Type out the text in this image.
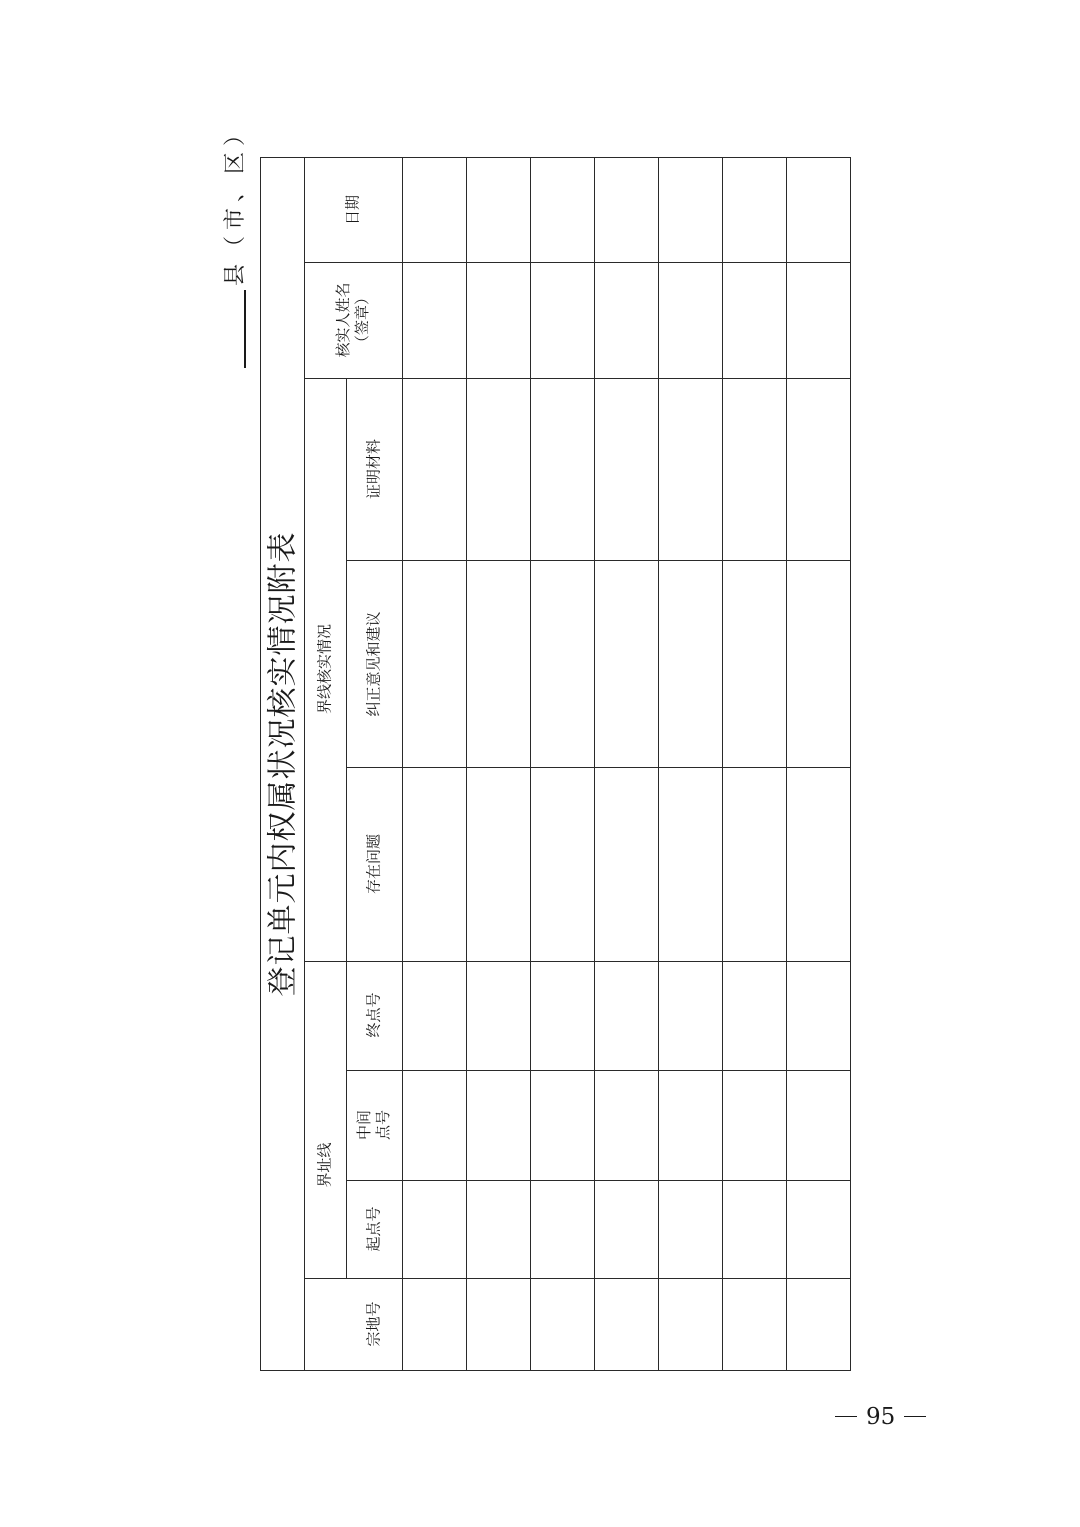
县（市、区）
登记单元内权属状况核实情况附表
日期
核实人姓名
（签章）
界线核实情况
证明材料
纠正意见和建议
存在问题
界址线
终点号
中间
点号
起点号
宗地号
95
